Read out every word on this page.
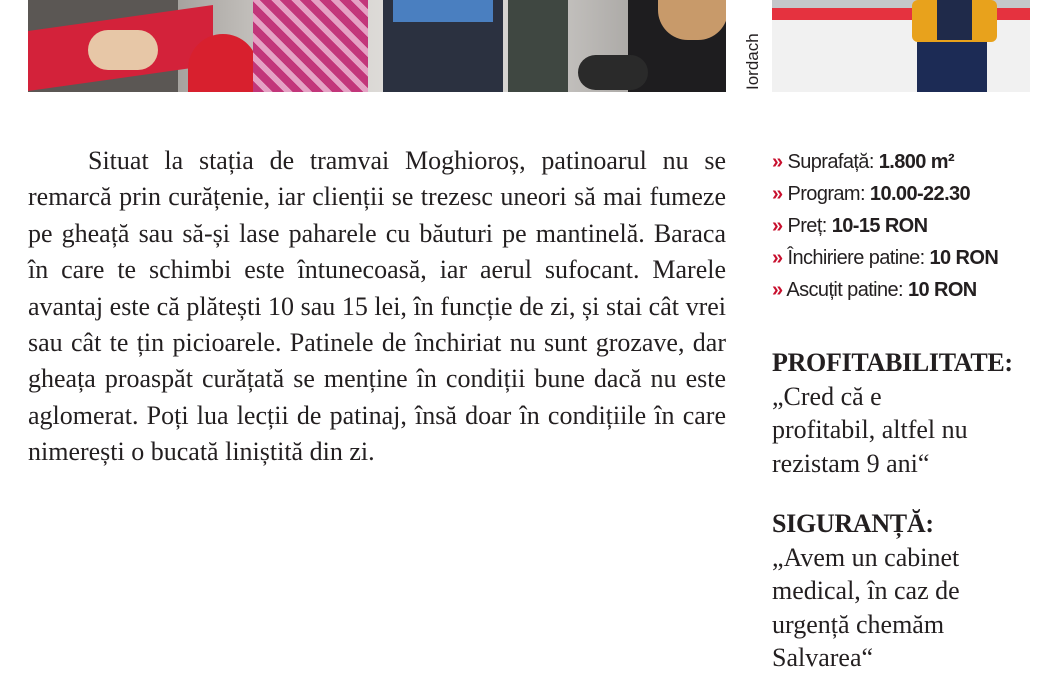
Iordach

Situat la stația de tramvai Moghioroș, patinoarul nu se remarcă prin curățenie, iar clienții se trezesc uneori să mai fumeze pe gheață sau să-și lase paharele cu băuturi pe mantinelă. Baraca în care te schimbi este întunecoasă, iar aerul sufocant. Marele avantaj este că plătești 10 sau 15 lei, în funcție de zi, și stai cât vrei sau cât te țin picioarele. Patinele de închiriat nu sunt grozave, dar gheața proaspăt curățată se menține în condiții bune dacă nu este aglomerat. Poți lua lecții de patinaj, însă doar în condițiile în care nimerești o bucată liniștită din zi.

» Suprafață: 1.800 m²
» Program: 10.00-22.30
» Preț: 10-15 RON
» Închiriere patine: 10 RON
» Ascuțit patine: 10 RON

PROFITABILITATE:

„Cred că e profitabil, altfel nu rezistam 9 ani“

SIGURANȚĂ:

„Avem un cabinet medical, în caz de urgență chemăm Salvarea“
